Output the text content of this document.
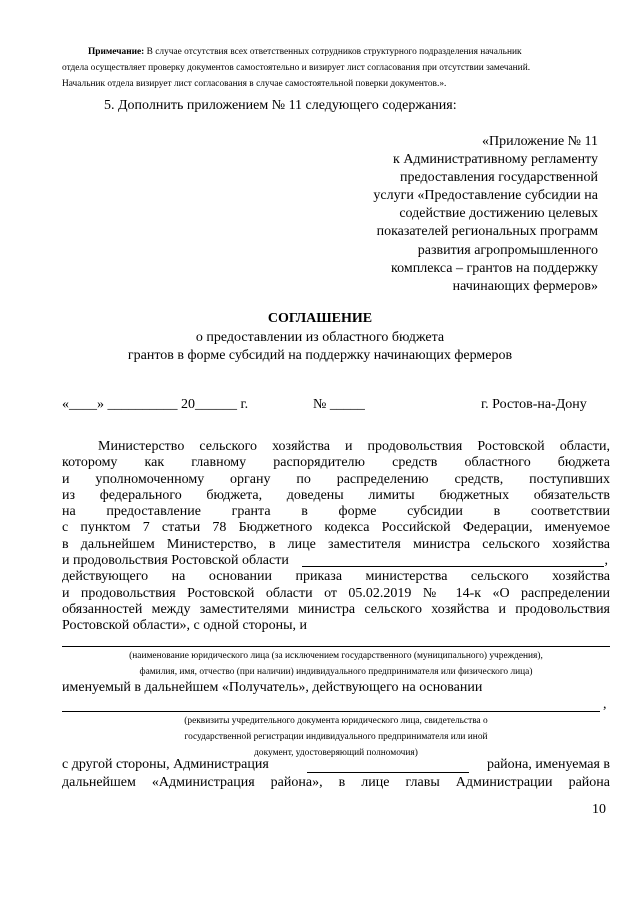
Примечание: В случае отсутствия всех ответственных сотрудников структурного подразделения начальник

отдела осуществляет проверку документов самостоятельно и визирует лист согласования при отсутствии замечаний.

Начальник отдела визирует лист согласования в случае самостоятельной поверки документов.».

5. Дополнить приложением № 11 следующего содержания:
«Приложение № 11
к Административному регламенту
предоставления государственной
услуги «Предоставление субсидии на
содействие достижению целевых
показателей региональных программ
развития агропромышленного
комплекса – грантов на поддержку
начинающих фермеров»
СОГЛАШЕНИЕ
о предоставлении из областного бюджета
грантов в форме субсидий на поддержку начинающих фермеров
«____» __________ 20______ г.	№ _____	г. Ростов-на-Дону
Министерство сельского хозяйства и продовольствия Ростовской области,
которому как главному распорядителю средств областного бюджета
и уполномоченному органу по распределению средств, поступивших
из федерального бюджета, доведены лимиты бюджетных обязательств
на предоставление гранта в форме субсидии в соответствии
с пунктом 7 статьи 78 Бюджетного кодекса Российской Федерации, именуемое
в дальнейшем Министерство, в лице заместителя министра сельского хозяйства
и продовольствия Ростовской области	,
действующего на основании приказа министерства сельского хозяйства
и продовольствия Ростовской области от 05.02.2019 № 14-к «О распределении
обязанностей между заместителями министра сельского хозяйства и продовольствия
Ростовской области», с одной стороны, и
(наименование юридического лица (за исключением государственного (муниципального) учреждения),
фамилия, имя, отчество (при наличии) индивидуального предпринимателя или физического лица)
именуемый в дальнейшем «Получатель», действующего на основании
,
(реквизиты учредительного документа юридического лица, свидетельства о
государственной регистрации индивидуального предпринимателя или иной
документ, удостоверяющий полномочия)
с другой стороны, Администрация	района, именуемая в
дальнейшем «Администрация района», в лице главы Администрации района
10
